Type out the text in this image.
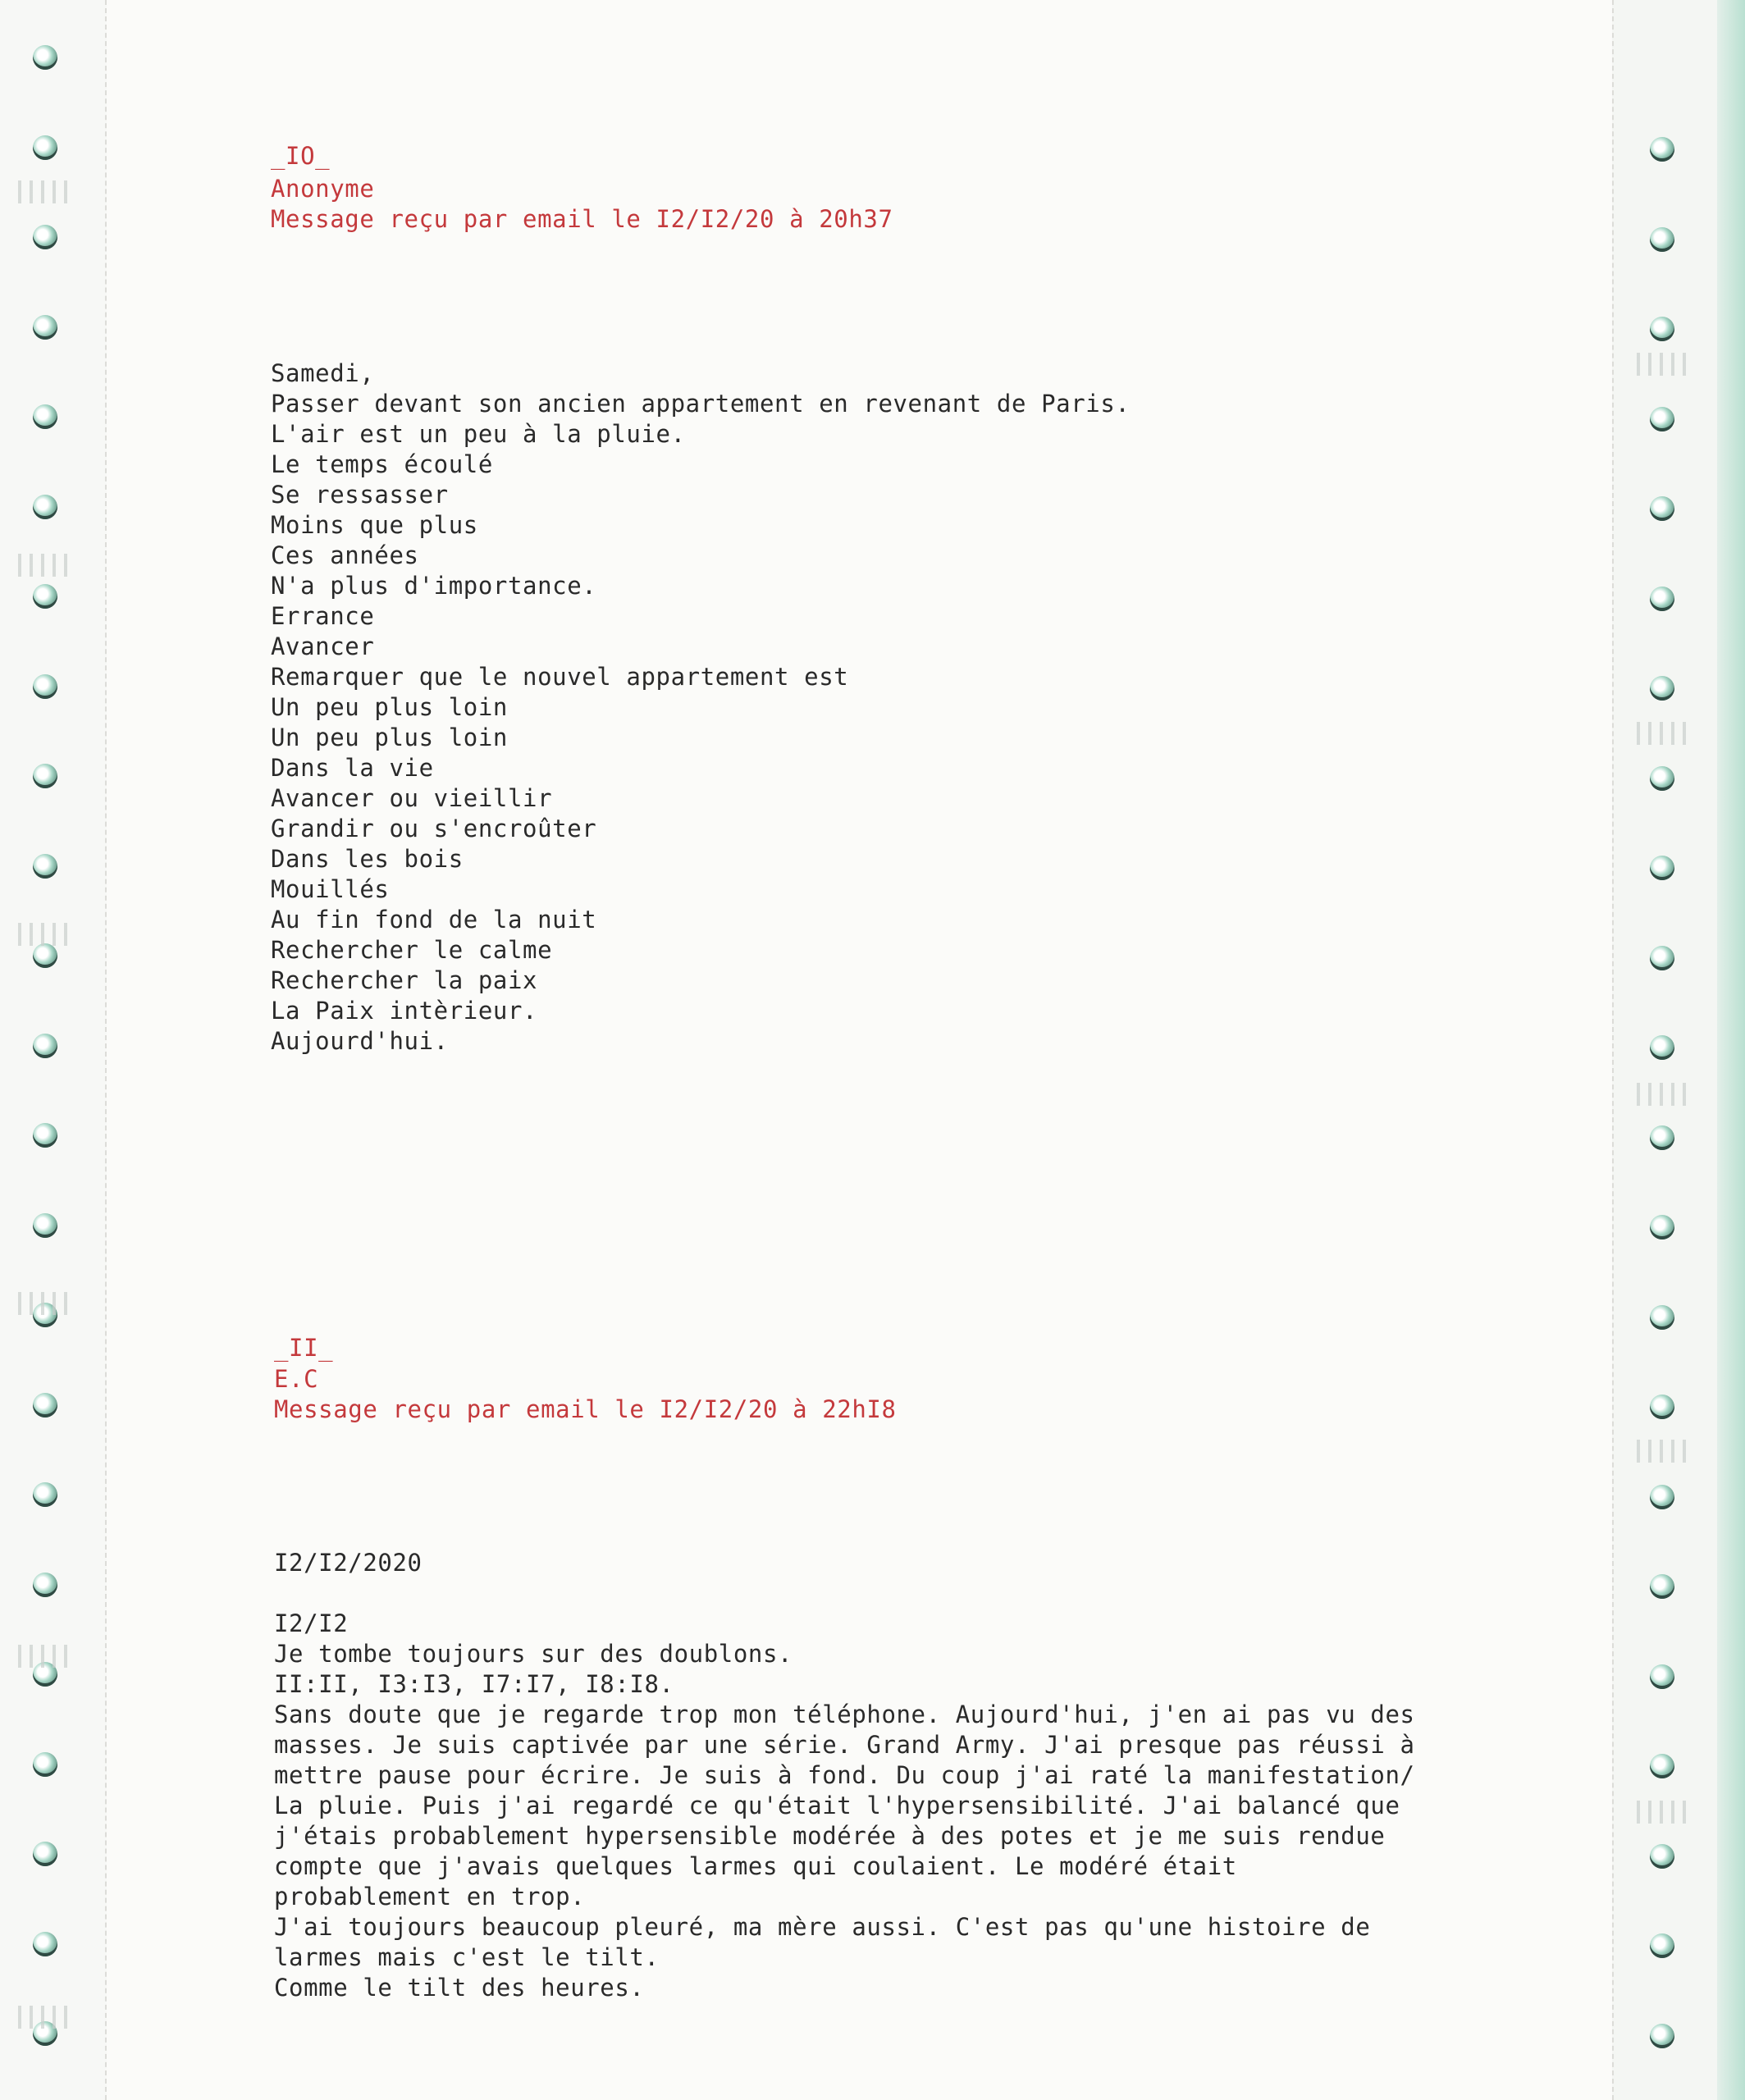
_IO_
Anonyme
Message reçu par email le I2/I2/20 à 20h37
Samedi,
Passer devant son ancien appartement en revenant de Paris.
L'air est un peu à la pluie.
Le temps écoulé
Se ressasser
Moins que plus
Ces années
N'a plus d'importance.
Errance
Avancer
Remarquer que le nouvel appartement est
Un peu plus loin
Un peu plus loin
Dans la vie
Avancer ou vieillir
Grandir ou s'encroûter
Dans les bois
Mouillés
Au fin fond de la nuit
Rechercher le calme
Rechercher la paix
La Paix intèrieur.
Aujourd'hui.
_II_
E.C
Message reçu par email le I2/I2/20 à 22hI8
I2/I2/2020
I2/I2
Je tombe toujours sur des doublons.
II:II, I3:I3, I7:I7, I8:I8.
Sans doute que je regarde trop mon téléphone. Aujourd'hui, j'en ai pas vu des
masses. Je suis captivée par une série. Grand Army. J'ai presque pas réussi à
mettre pause pour écrire. Je suis à fond. Du coup j'ai raté la manifestation/
La pluie. Puis j'ai regardé ce qu'était l'hypersensibilité. J'ai balancé que
j'étais probablement hypersensible modérée à des potes et je me suis rendue
compte que j'avais quelques larmes qui coulaient. Le modéré était
probablement en trop.
J'ai toujours beaucoup pleuré, ma mère aussi. C'est pas qu'une histoire de
larmes mais c'est le tilt.
Comme le tilt des heures.
